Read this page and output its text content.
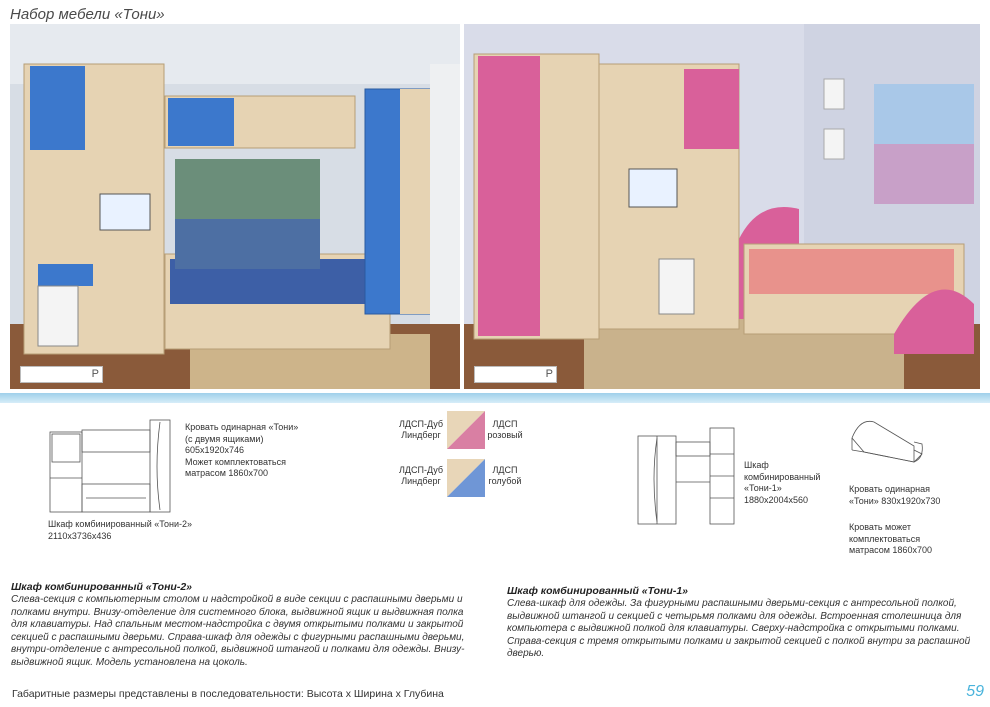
Набор мебели «Тони»
P	P
Шкаф комбинированный «Тони-2»
2110х3736х436
Кровать одинарная «Тони»
(с двумя ящиками)
605х1920х746
Может комплектоваться
матрасом 1860х700
ЛДСП-Дуб
Линдберг
ЛДСП
розовый
ЛДСП-Дуб
Линдберг
ЛДСП
голубой
Шкаф
комбинированный
«Тони-1»
1880х2004х560
Кровать одинарная
«Тони» 830х1920х730
Кровать может
комплектоваться
матрасом 1860х700
Шкаф комбинированный «Тони-2»
Слева-секция с компьютерным столом и надстройкой в виде секции с распашными дверьми и полками внутри. Внизу-отделение для системного блока, выдвижной ящик и выдвижная полка для клавиатуры. Над спальным местом-надстройка с двумя открытыми полками и закрытой секцией с распашными дверьми. Справа-шкаф для одежды с фигурными распашными дверьми, внутри-отделение с антресольной полкой, выдвижной штангой и полками для одежды. Внизу-выдвижной ящик. Модель установлена на цоколь.
Шкаф комбинированный «Тони-1»
Слева-шкаф для одежды. За фигурными распашными дверьми-секция с антресольной полкой, выдвижной штангой и секцией с четырьмя полками для одежды. Встроенная столешница для компьютера с выдвижной полкой для клавиатуры. Сверху-надстройка с открытыми полками. Справа-секция с тремя открытыми полками и закрытой секцией с полкой внутри за распашной дверью.
Габаритные размеры представлены в последовательности: Высота х Ширина х Глубина	59
